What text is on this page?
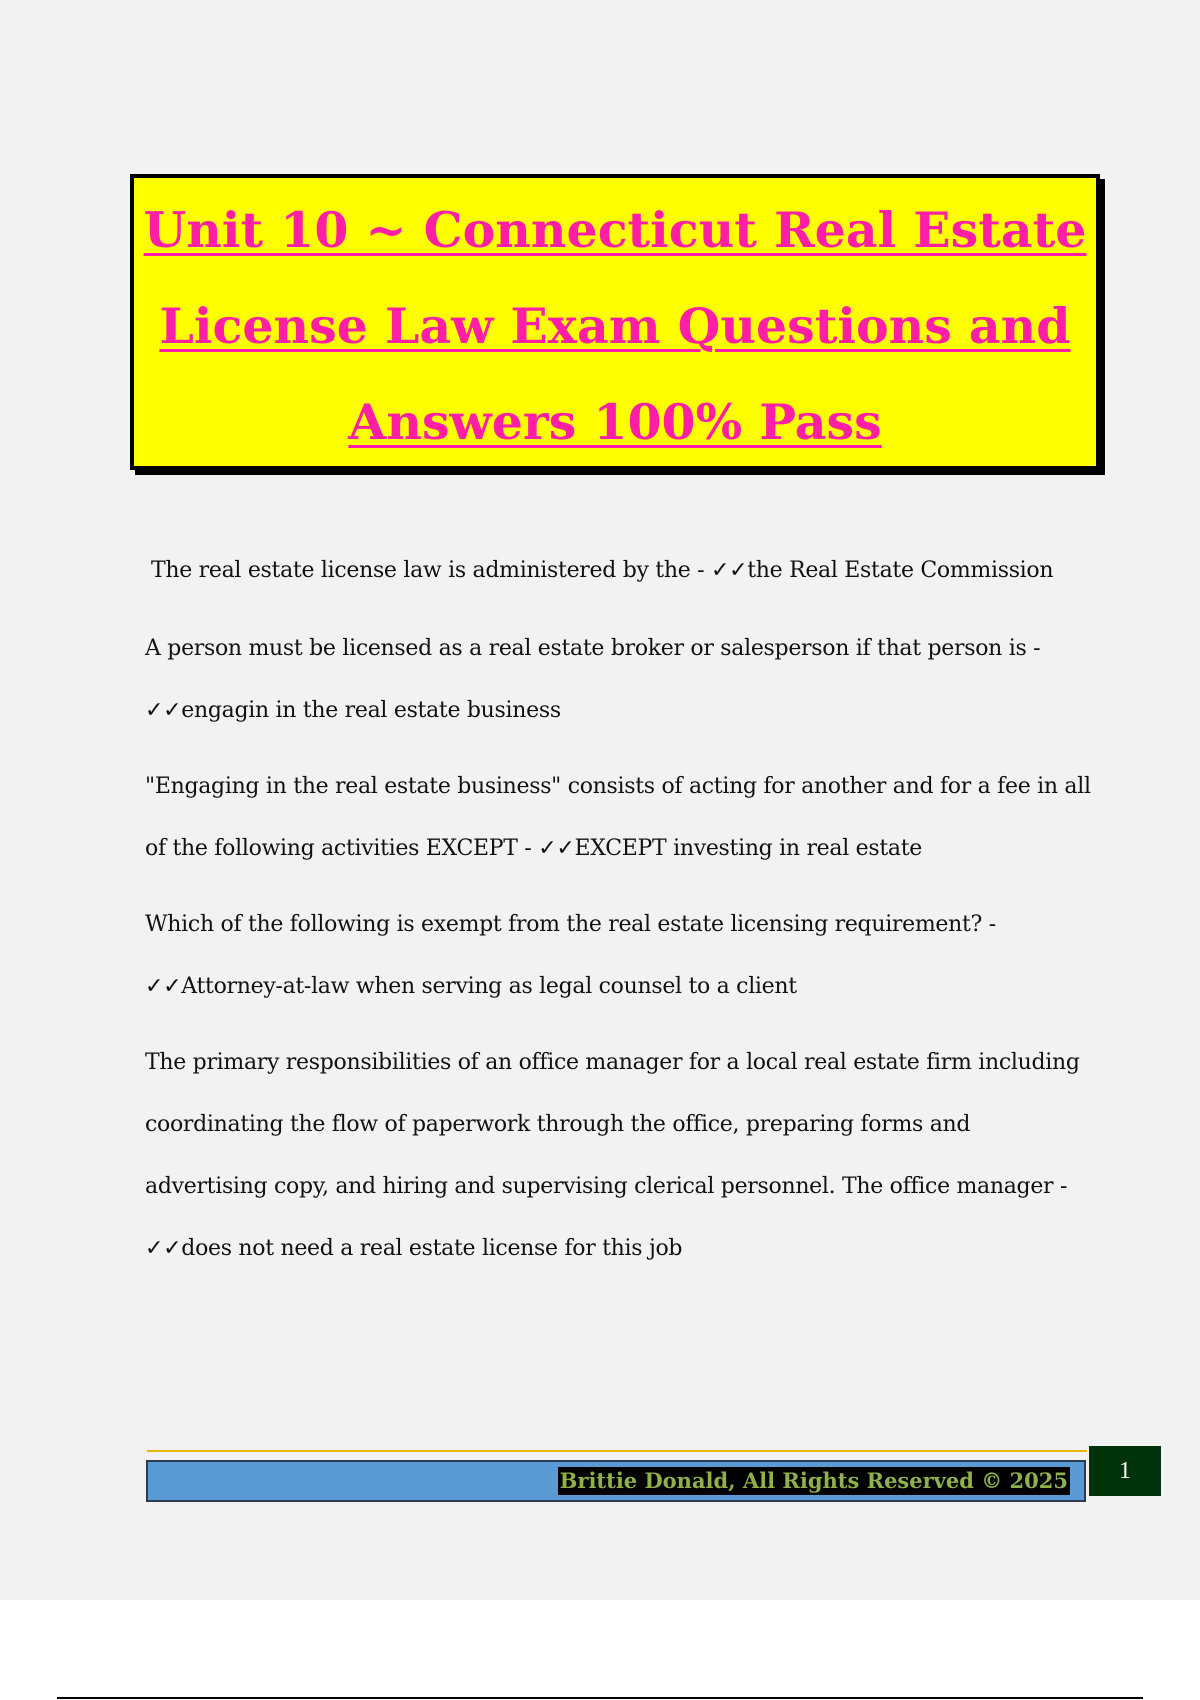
Unit 10 ~ Connecticut Real Estate
License Law Exam Questions and
Answers 100% Pass

The real estate license law is administered by the - ✓✓the Real Estate Commission

A person must be licensed as a real estate broker or salesperson if that person is - ✓✓engagin in the real estate business

"Engaging in the real estate business" consists of acting for another and for a fee in all of the following activities EXCEPT - ✓✓EXCEPT investing in real estate

Which of the following is exempt from the real estate licensing requirement? - ✓✓Attorney-at-law when serving as legal counsel to a client

The primary responsibilities of an office manager for a local real estate firm including coordinating the flow of paperwork through the office, preparing forms and advertising copy, and hiring and supervising clerical personnel. The office manager - ✓✓does not need a real estate license for this job

Brittie Donald, All Rights Reserved © 2025	1
